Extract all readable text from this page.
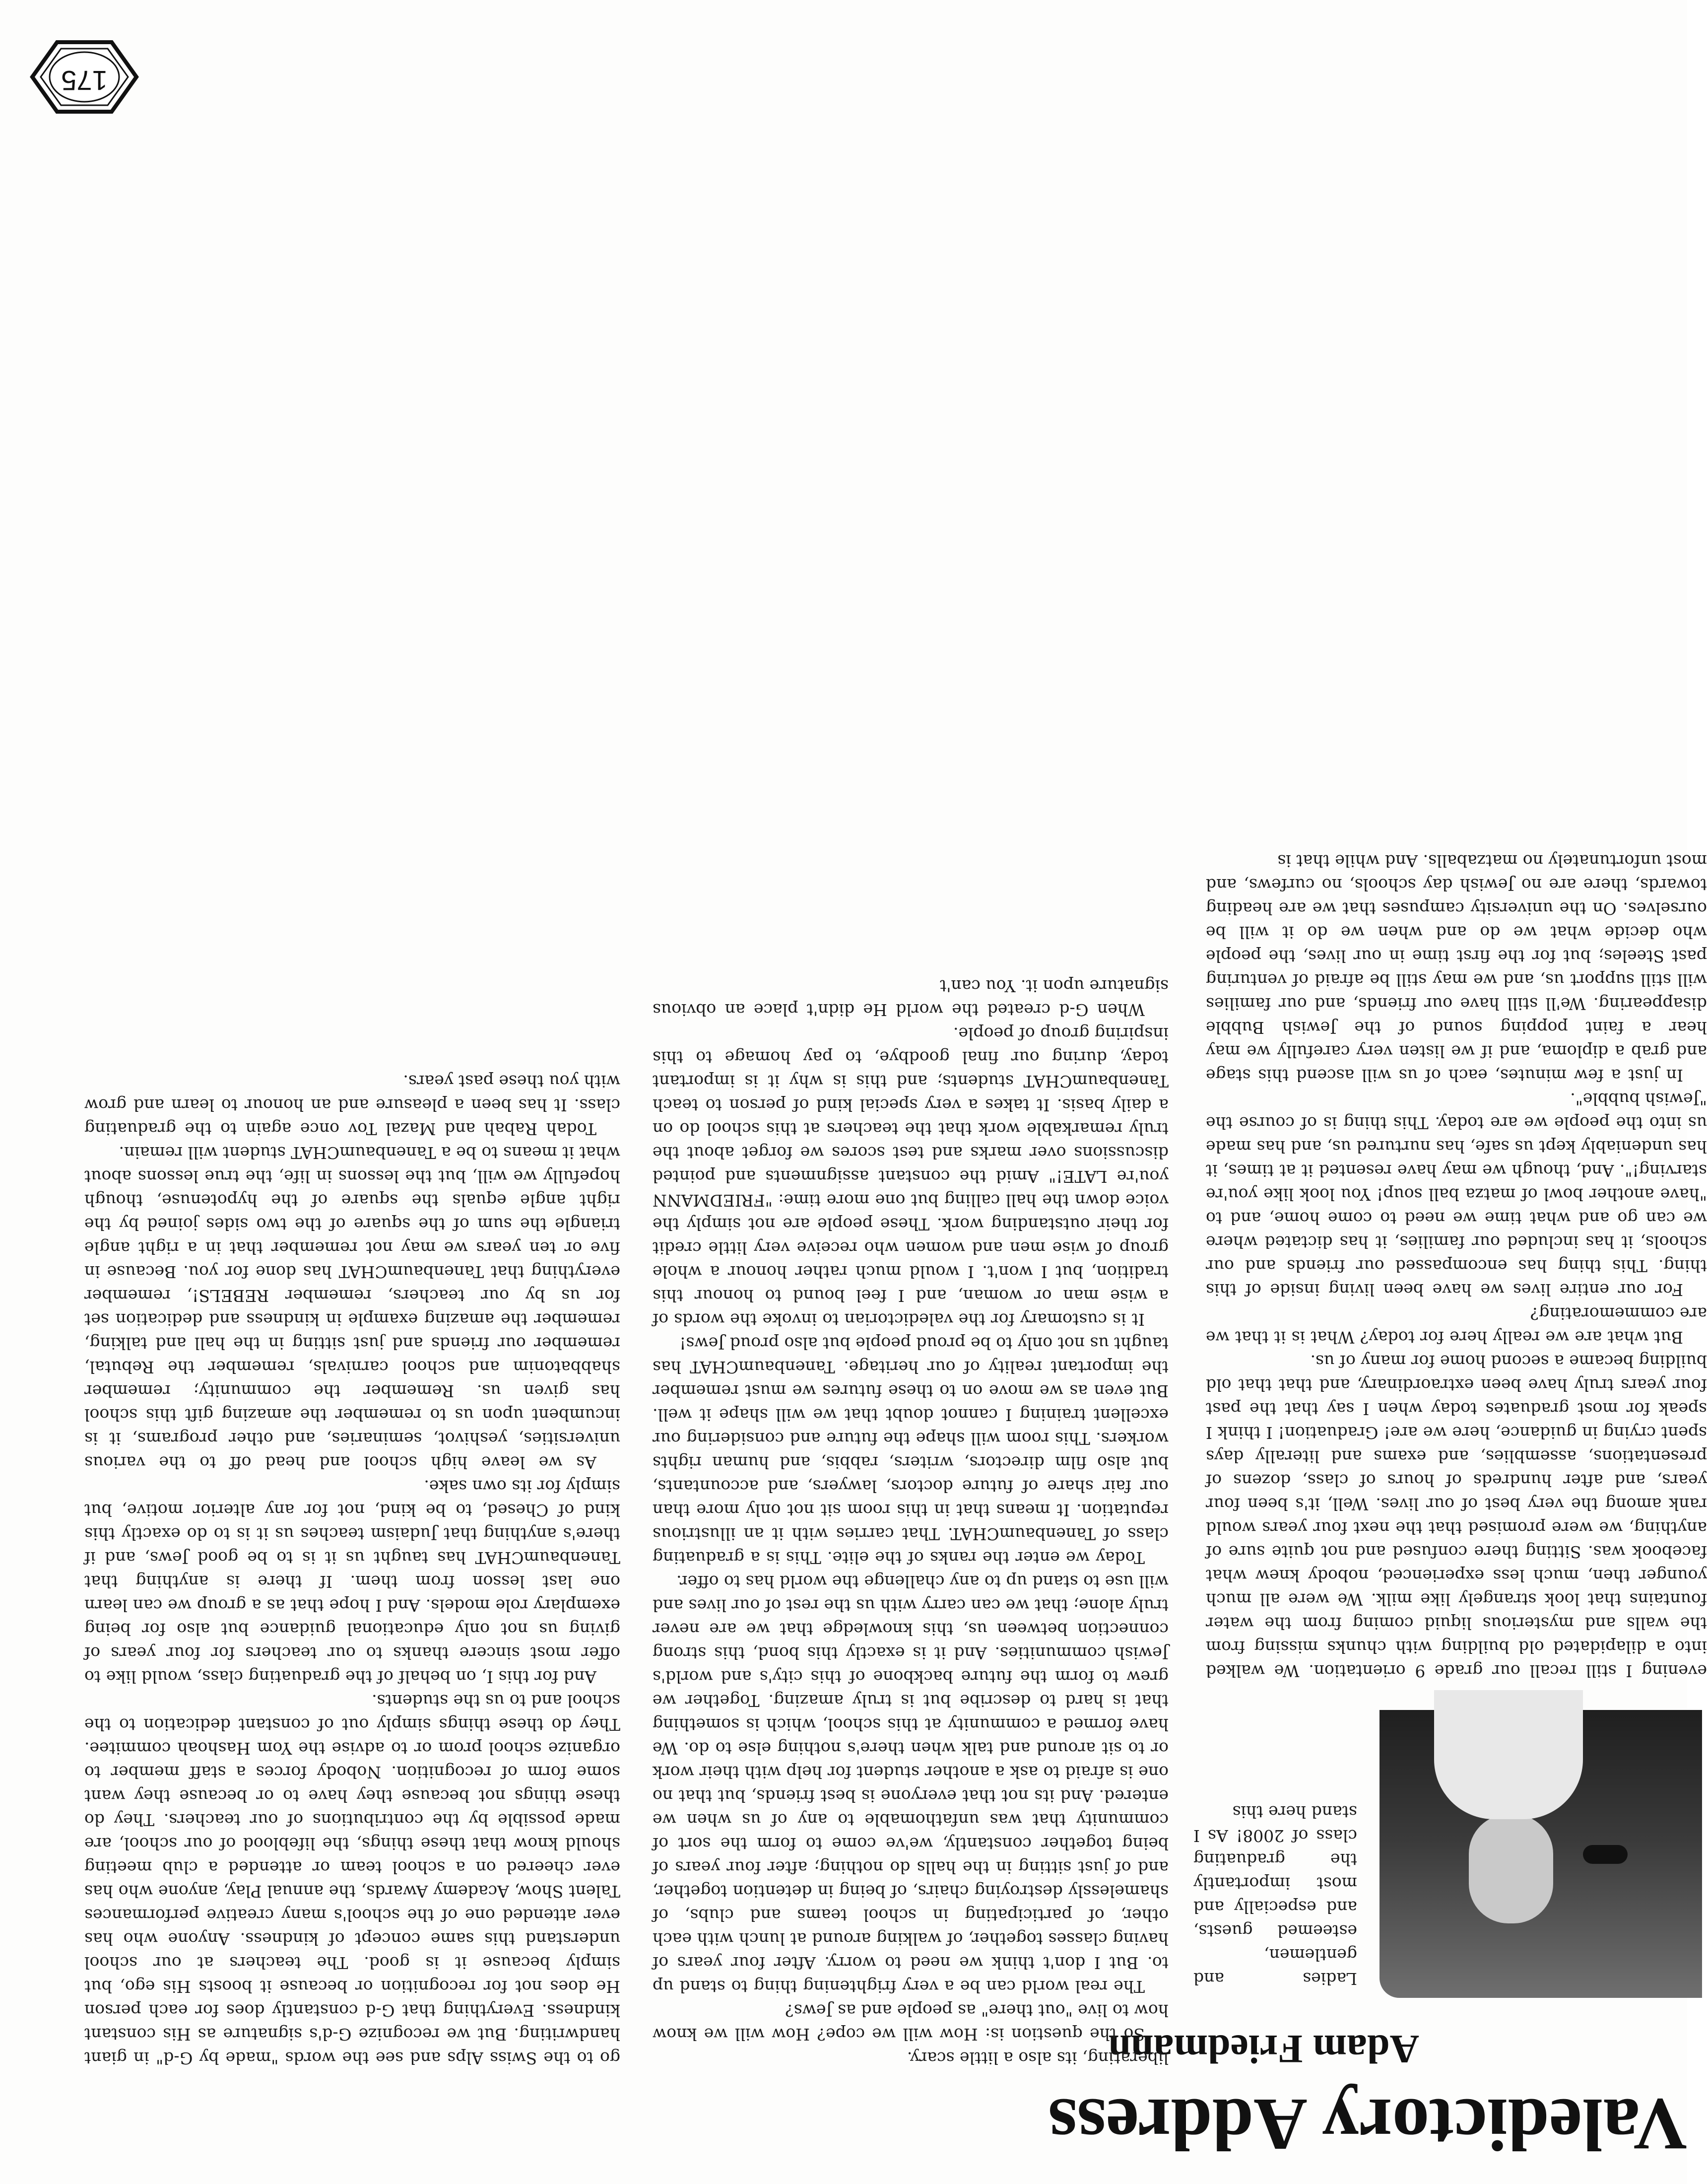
Valedictory Address
Adam Friedmann
Ladies and gentlemen, esteemed guests, and especially and most importantly the graduating class of 2008! As I stand here this

evening I still recall our grade 9 orientation. We walked into a dilapidated old building with chunks missing from the walls and mysterious liquid coming from the water fountains that look strangely like milk. We were all much younger then, much less experienced, nobody knew what facebook was. Sitting there confused and not quite sure of anything, we were promised that the next four years would rank among the very best of our lives. Well, it's been four years, and after hundreds of hours of class, dozens of presentations, assemblies, and exams and literally days spent crying in guidance, here we are! Graduation! I think I speak for most graduates today when I say that the past four years truly have been extraordinary, and that that old building became a second home for many of us.

But what are we really here for today? What is it that we are commemorating?

For our entire lives we have been living inside of this thing. This thing has encompassed our friends and our schools, it has included our families, it has dictated where we can go and what time we need to come home, and to "have another bowl of matza ball soup! You look like you're starving!". And, though we may have resented it at times, it has undeniably kept us safe, has nurtured us, and has made us into the people we are today. This thing is of course the "Jewish bubble".

In just a few minutes, each of us will ascend this stage and grab a diploma, and if we listen very carefully we may hear a faint popping sound of the Jewish Bubble disappearing. We'll still have our friends, and our families will still support us, and we may still be afraid of venturing past Steeles; but for the first time in our lives, the people who decide what we do and when we do it will be ourselves. On the university campuses that we are heading towards, there are no Jewish day schools, no curfews, and most unfortunately no matzaballs. And while that is

liberating, its also a little scary.

So the question is: How will we cope? How will we know how to live "out there" as people and as Jews?

The real world can be a very frightening thing to stand up to. But I don't think we need to worry. After four years of having classes together, of walking around at lunch with each other, of participating in school teams and clubs, of shamelessly destroying chairs, of being in detention together, and of just sitting in the halls do nothing; after four years of being together constantly, we've come to form the sort of community that was unfathomable to any of us when we entered. And its not that everyone is best friends, but that no one is afraid to ask a another student for help with their work or to sit around and talk when there's nothing else to do. We have formed a community at this school, which is something that is hard to describe but is truly amazing. Together we grew to form the future backbone of this city's and world's Jewish communities. And it is exactly this bond, this strong connection between us, this knowledge that we are never truly alone; that we can carry with us the rest of our lives and will use to stand up to any challenge the world has to offer.

Today we enter the ranks of the elite. This is a graduating class of TanenbaumCHAT. That carries with it an illustrious reputation. It means that in this room sit not only more than our fair share of future doctors, lawyers, and accountants, but also film directors, writers, rabbis, and human rights workers. This room will shape the future and considering our excellent training I cannot doubt that we will shape it well. But even as we move on to these futures we must remember the important reality of our heritage. TanenbaumCHAT has taught us not only to be proud people but also proud Jews!

It is customary for the valedictorian to invoke the words of a wise man or woman, and I feel bound to honour this tradition, but I won't. I would much rather honour a whole group of wise men and women who receive very little credit for their outstanding work. These people are not simply the voice down the hall calling but one more time: "FRIEDMANN you're LATE!" Amid the constant assignments and pointed discussions over marks and test scores we forget about the truly remarkable work that the teachers at this school do on a daily basis. It takes a very special kind of person to teach TanenbaumCHAT students; and this is why it is important today, during our final goodbye, to pay homage to this inspiring group of people.

When G-d created the world He didn't place an obvious signature upon it. You can't

go to the Swiss Alps and see the words "made by G-d" in giant handwriting. But we recognize G-d's signature as His constant kindness. Everything that G-d constantly does for each person He does not for recognition or because it boosts His ego, but simply because it is good. The teachers at our school understand this same concept of kindness. Anyone who has ever attended one of the school's many creative performances Talent Show, Academy Awards, the annual Play, anyone who has ever cheered on a school team or attended a club meeting should know that these things, the lifeblood of our school, are made possible by the contributions of our teachers. They do these things not because they have to or because they want some form of recognition. Nobody forces a staff member to organize school prom or to advise the Yom Hashoah commitee. They do these things simply out of constant dedication to the school and to us the students.

And for this I, on behalf of the graduating class, would like to offer most sincere thanks to our teachers for four years of giving us not only educational guidance but also for being exemplary role models. And I hope that as a group we can learn one last lesson from them. If there is anything that TanenbaumCHAT has taught us it is to be good Jews, and if there's anything that Judaism teaches us it is to do exactly this kind of Chesed, to be kind, not for any alterior motive, but simply for its own sake.

As we leave high school and head off to the various universities, yeshivot, seminaries, and other programs, it is incumbent upon us to remember the amazing gift this school has given us. Remember the community; remember shabbatonim and school carnivals, remember the Rebutal, remember our friends and just sitting in the hall and talking, remember the amazing example in kindness and dedication set for us by our teachers, remember REBELS!, remember everything that TanenbaumCHAT has done for you. Because in five or ten years we may not remember that in a right angle triangle the sum of the square of the two sides joined by the right angle equals the square of the hypotenuse, though hopefully we will, but the lessons in life, the true lessons about what it means to be a TanenbaumCHAT student will remain.

Todah Rabah and Mazal Tov once again to the graduating class. It has been a pleasure and an honour to learn and grow with you these past years.

175
